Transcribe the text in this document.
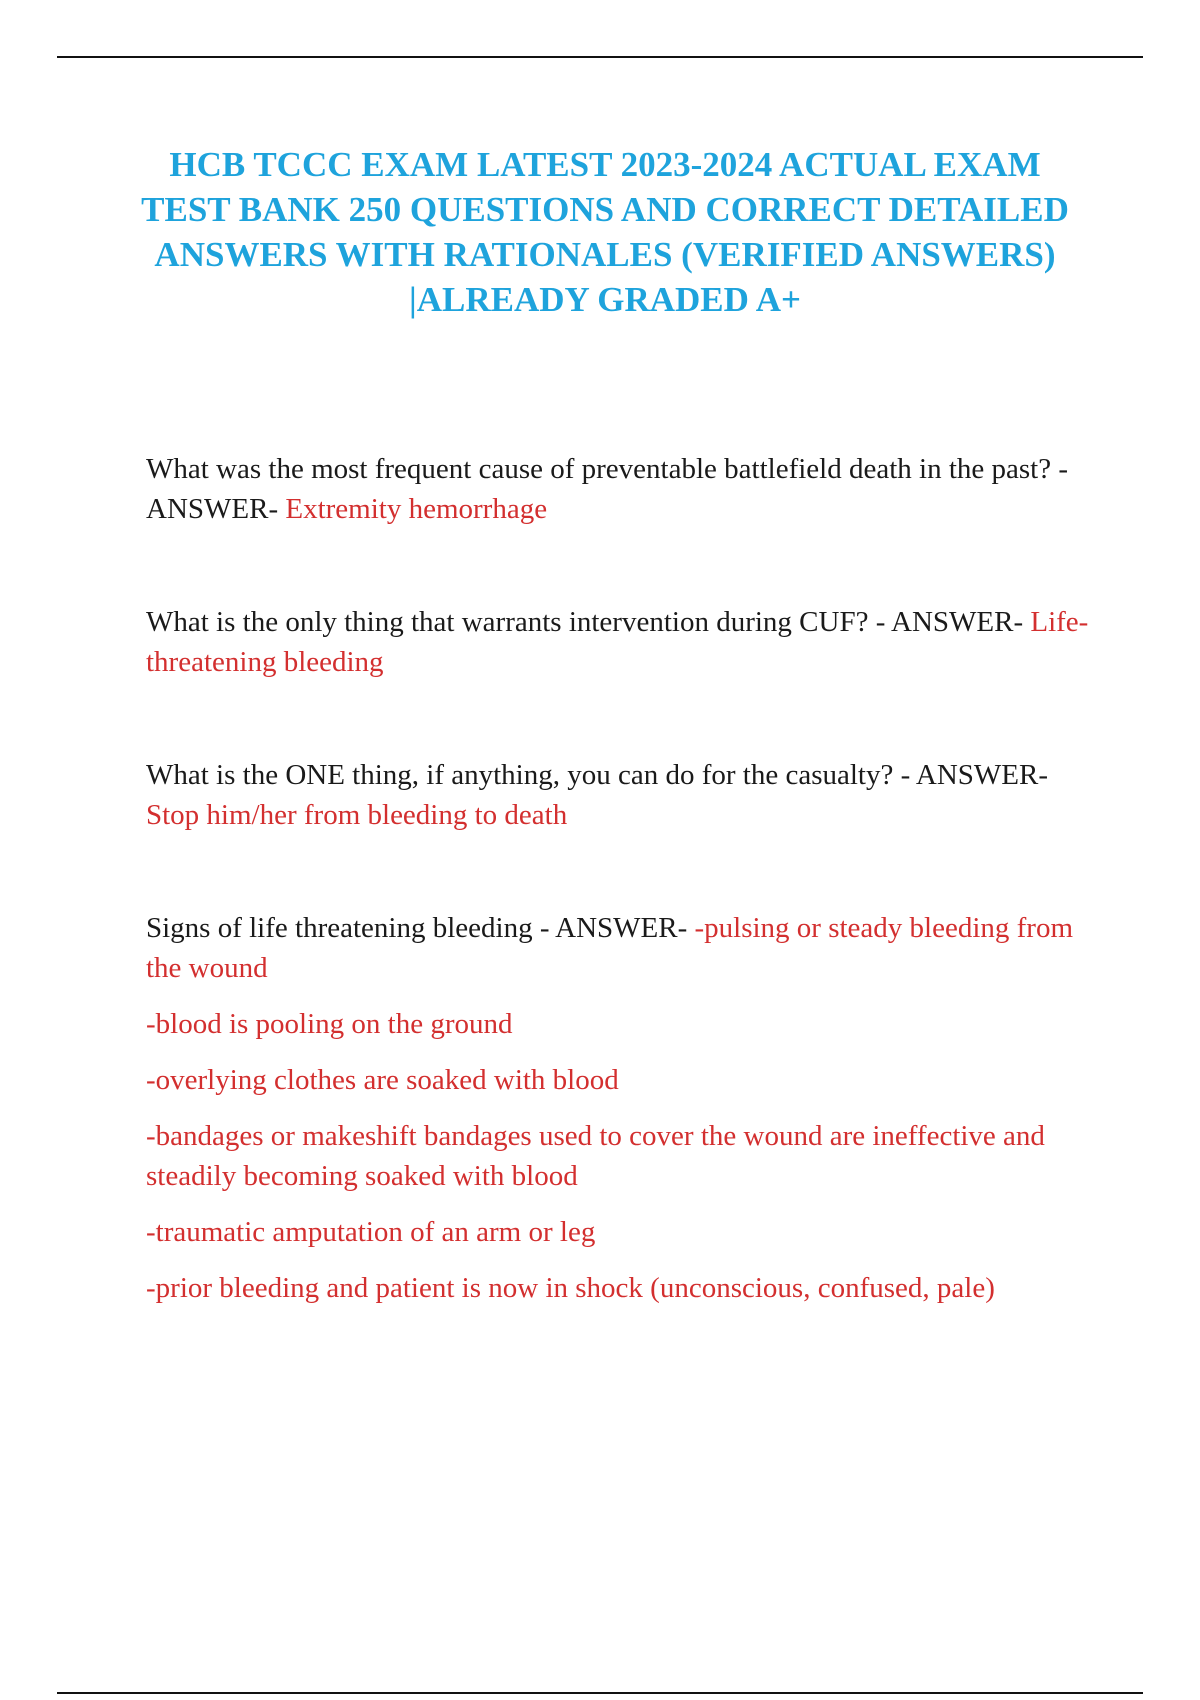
HCB TCCC EXAM LATEST 2023-2024 ACTUAL EXAM TEST BANK 250 QUESTIONS AND CORRECT DETAILED ANSWERS WITH RATIONALES (VERIFIED ANSWERS) |ALREADY GRADED A+

What was the most frequent cause of preventable battlefield death in the past? - ANSWER- Extremity hemorrhage

What is the only thing that warrants intervention during CUF? - ANSWER- Life-threatening bleeding

What is the ONE thing, if anything, you can do for the casualty? - ANSWER- Stop him/her from bleeding to death

Signs of life threatening bleeding - ANSWER- -pulsing or steady bleeding from the wound

-blood is pooling on the ground

-overlying clothes are soaked with blood

-bandages or makeshift bandages used to cover the wound are ineffective and steadily becoming soaked with blood

-traumatic amputation of an arm or leg

-prior bleeding and patient is now in shock (unconscious, confused, pale)
